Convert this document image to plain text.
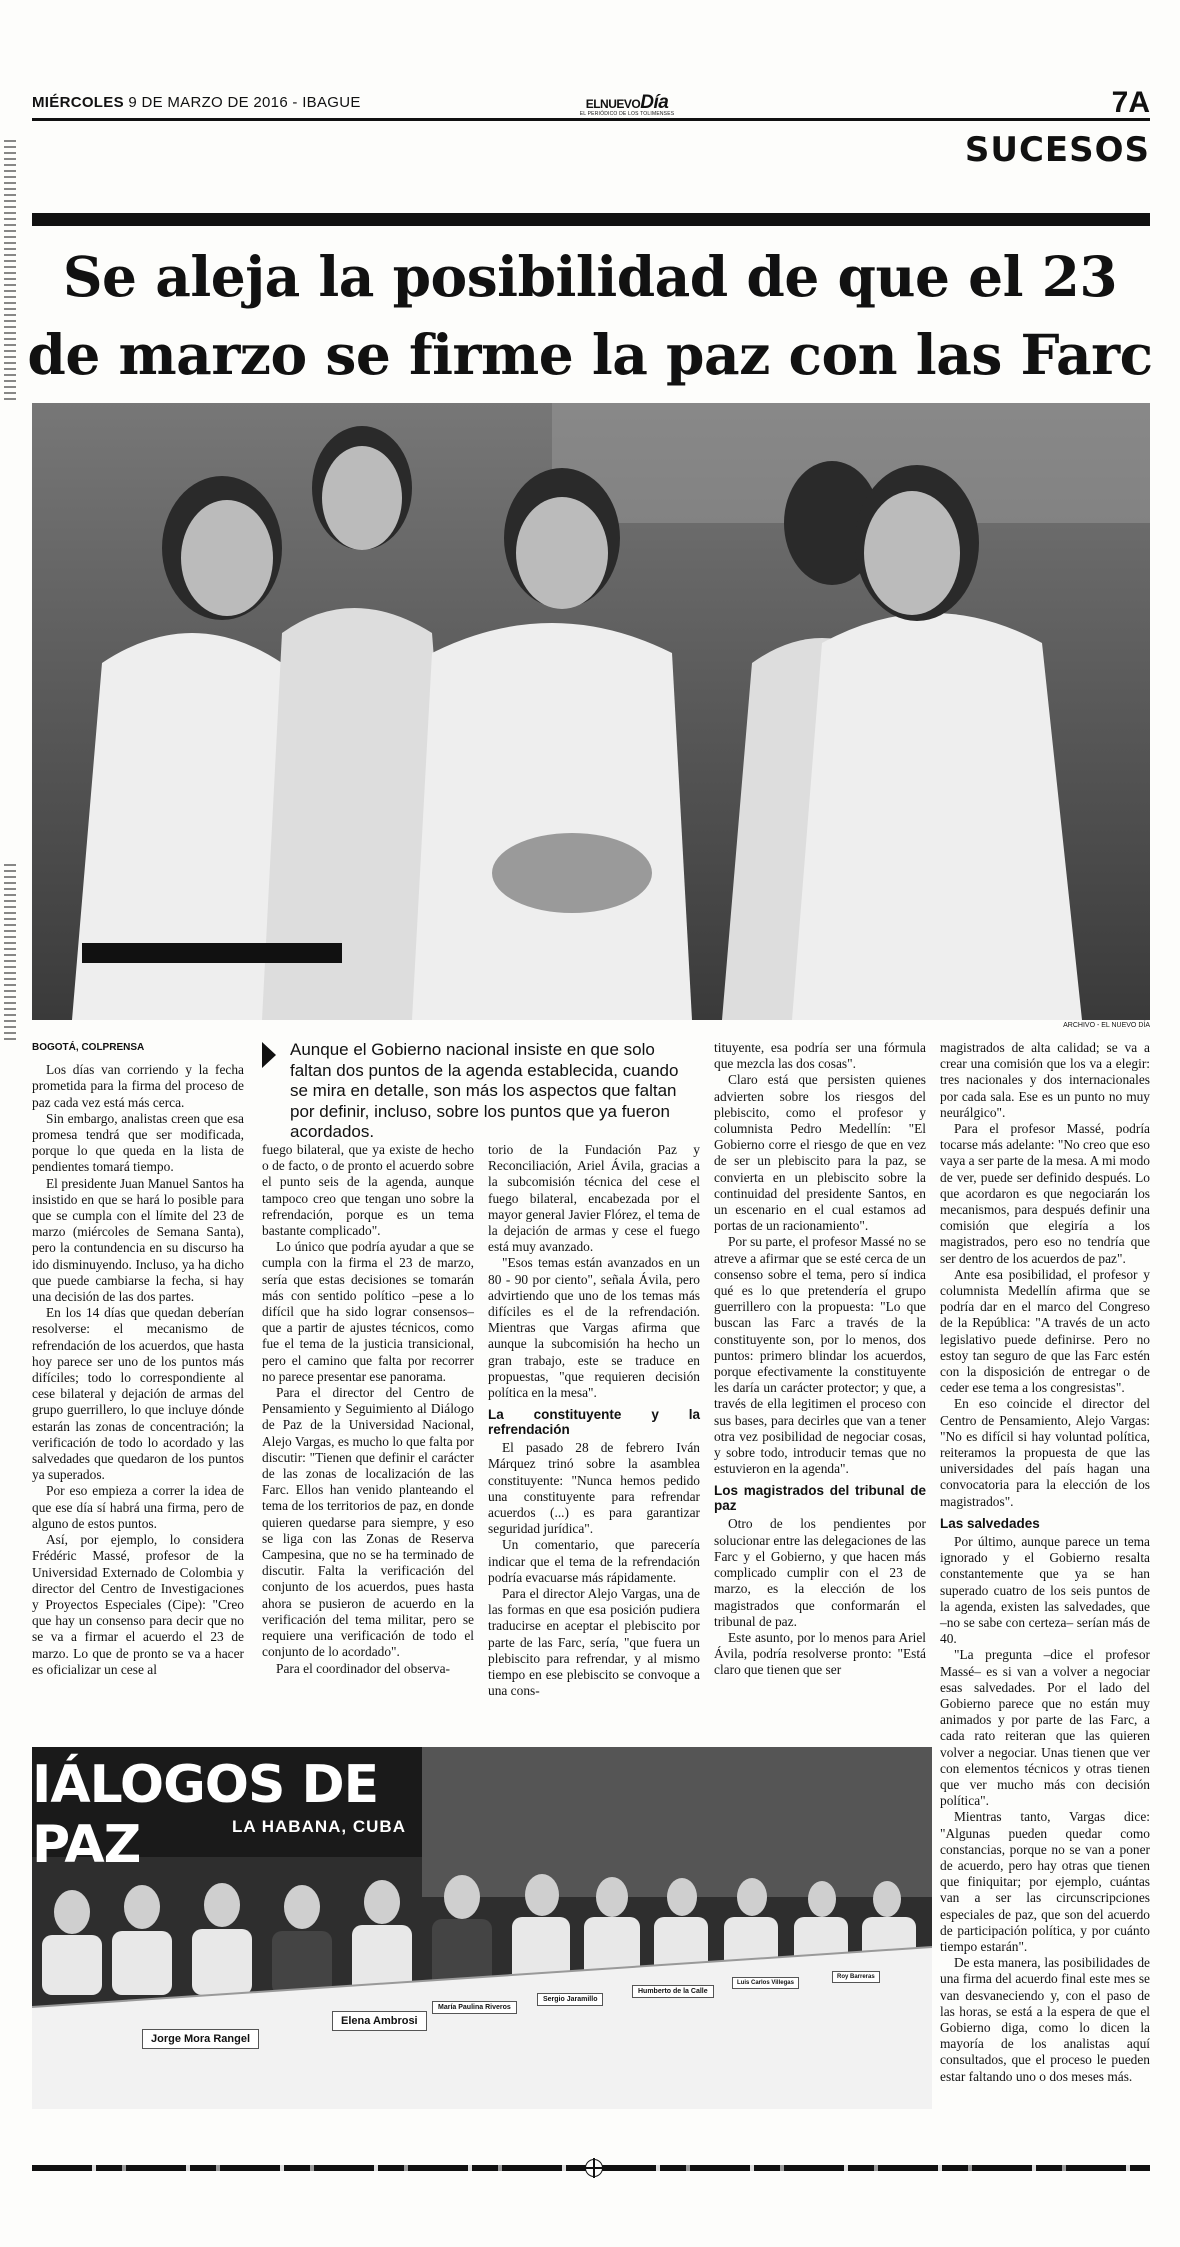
MIÉRCOLES 9 DE MARZO DE 2016 - IBAGUE	ELNUEVODía
EL PERIÓDICO DE LOS TOLIMENSES	7A
SUCESOS
Se aleja la posibilidad de que el 23 de marzo se firme la paz con las Farc
ARCHIVO - EL NUEVO DÍA
Aunque el Gobierno nacional insiste en que solo faltan dos puntos de la agenda establecida, cuando se mira en detalle, son más los aspectos que faltan por definir, incluso, sobre los puntos que ya fueron acordados.
BOGOTÁ, COLPRENSA

Los días van corriendo y la fecha prometida para la firma del proceso de paz cada vez está más cerca.

Sin embargo, analistas creen que esa promesa tendrá que ser modificada, porque lo que queda en la lista de pendientes tomará tiempo.

El presidente Juan Manuel Santos ha insistido en que se hará lo posible para que se cumpla con el límite del 23 de marzo (miércoles de Semana Santa), pero la contundencia en su discurso ha ido disminuyendo. Incluso, ya ha dicho que puede cambiarse la fecha, si hay una decisión de las dos partes.

En los 14 días que quedan deberían resolverse: el mecanismo de refrendación de los acuerdos, que hasta hoy parece ser uno de los puntos más difíciles; todo lo correspondiente al cese bilateral y dejación de armas del grupo guerrillero, lo que incluye dónde estarán las zonas de concentración; la verificación de todo lo acordado y las salvedades que quedaron de los puntos ya superados.

Por eso empieza a correr la idea de que ese día sí habrá una firma, pero de alguno de estos puntos.

Así, por ejemplo, lo considera Frédéric Massé, profesor de la Universidad Externado de Colombia y director del Centro de Investigaciones y Proyectos Especiales (Cipe): "Creo que hay un consenso para decir que no se va a firmar el acuerdo el 23 de marzo. Lo que de pronto se va a hacer es oficializar un cese al

fuego bilateral, que ya existe de hecho o de facto, o de pronto el acuerdo sobre el punto seis de la agenda, aunque tampoco creo que tengan uno sobre la refrendación, porque es un tema bastante complicado".

Lo único que podría ayudar a que se cumpla con la firma el 23 de marzo, sería que estas decisiones se tomarán más con sentido político –pese a lo difícil que ha sido lograr consensos– que a partir de ajustes técnicos, como fue el tema de la justicia transicional, pero el camino que falta por recorrer no parece presentar ese panorama.

Para el director del Centro de Pensamiento y Seguimiento al Diálogo de Paz de la Universidad Nacional, Alejo Vargas, es mucho lo que falta por discutir: "Tienen que definir el carácter de las zonas de localización de las Farc. Ellos han venido planteando el tema de los territorios de paz, en donde quieren quedarse para siempre, y eso se liga con las Zonas de Reserva Campesina, que no se ha terminado de discutir. Falta la verificación del conjunto de los acuerdos, pues hasta ahora se pusieron de acuerdo en la verificación del tema militar, pero se requiere una verificación de todo el conjunto de lo acordado".

Para el coordinador del observa-

torio de la Fundación Paz y Reconciliación, Ariel Ávila, gracias a la subcomisión técnica del cese el fuego bilateral, encabezada por el mayor general Javier Flórez, el tema de la dejación de armas y cese el fuego está muy avanzado.

"Esos temas están avanzados en un 80 - 90 por ciento", señala Ávila, pero advirtiendo que uno de los temas más difíciles es el de la refrendación. Mientras que Vargas afirma que aunque la subcomisión ha hecho un gran trabajo, este se traduce en propuestas, "que requieren decisión política en la mesa".

La constituyente y la refrendación

El pasado 28 de febrero Iván Márquez trinó sobre la asamblea constituyente: "Nunca hemos pedido una constituyente para refrendar acuerdos (...) es para garantizar seguridad jurídica".

Un comentario, que parecería indicar que el tema de la refrendación podría evacuarse más rápidamente.

Para el director Alejo Vargas, una de las formas en que esa posición pudiera traducirse en aceptar el plebiscito por parte de las Farc, sería, "que fuera un plebiscito para refrendar, y al mismo tiempo en ese plebiscito se convoque a una cons-

tituyente, esa podría ser una fórmula que mezcla las dos cosas".

Claro está que persisten quienes advierten sobre los riesgos del plebiscito, como el profesor y columnista Pedro Medellín: "El Gobierno corre el riesgo de que en vez de ser un plebiscito para la paz, se convierta en un plebiscito sobre la continuidad del presidente Santos, en un escenario en el cual estamos ad portas de un racionamiento".

Por su parte, el profesor Massé no se atreve a afirmar que se esté cerca de un consenso sobre el tema, pero sí indica qué es lo que pretendería el grupo guerrillero con la propuesta: "Lo que buscan las Farc a través de la constituyente son, por lo menos, dos puntos: primero blindar los acuerdos, porque efectivamente la constituyente les daría un carácter protector; y que, a través de ella legitimen el proceso con sus bases, para decirles que van a tener otra vez posibilidad de negociar cosas, y sobre todo, introducir temas que no estuvieron en la agenda".

Los magistrados del tribunal de paz

Otro de los pendientes por solucionar entre las delegaciones de las Farc y el Gobierno, y que hacen más complicado cumplir con el 23 de marzo, es la elección de los magistrados que conformarán el tribunal de paz.

Este asunto, por lo menos para Ariel Ávila, podría resolverse pronto: "Está claro que tienen que ser

magistrados de alta calidad; se va a crear una comisión que los va a elegir: tres nacionales y dos internacionales por cada sala. Ese es un punto no muy neurálgico".

Para el profesor Massé, podría tocarse más adelante: "No creo que eso vaya a ser parte de la mesa. A mi modo de ver, puede ser definido después. Lo que acordaron es que negociarán los mecanismos, para después definir una comisión que elegiría a los magistrados, pero eso no tendría que ser dentro de los acuerdos de paz".

Ante esa posibilidad, el profesor y columnista Medellín afirma que se podría dar en el marco del Congreso de la República: "A través de un acto legislativo puede definirse. Pero no estoy tan seguro de que las Farc estén con la disposición de entregar o de ceder ese tema a los congresistas".

En eso coincide el director del Centro de Pensamiento, Alejo Vargas: "No es difícil si hay voluntad política, reiteramos la propuesta de que las universidades del país hagan una convocatoria para la elección de los magistrados".

Las salvedades

Por último, aunque parece un tema ignorado y el Gobierno resalta constantemente que ya se han superado cuatro de los seis puntos de la agenda, existen las salvedades, que –no se sabe con certeza– serían más de 40.

"La pregunta –dice el profesor Massé– es si van a volver a negociar esas salvedades. Por el lado del Gobierno parece que no están muy animados y por parte de las Farc, a cada rato reiteran que las quieren volver a negociar. Unas tienen que ver con elementos técnicos y otras tienen que ver mucho más con decisión política".

Mientras tanto, Vargas dice: "Algunas pueden quedar como constancias, porque no se van a poner de acuerdo, pero hay otras que tienen que finiquitar; por ejemplo, cuántas van a ser las circunscripciones especiales de paz, que son del acuerdo de participación política, y por cuánto tiempo estarán".

De esta manera, las posibilidades de una firma del acuerdo final este mes se van desvaneciendo y, con el paso de las horas, se está a la espera de que el Gobierno diga, como lo dicen la mayoría de los analistas aquí consultados, que el proceso le pueden estar faltando uno o dos meses más.

IÁLOGOS DE PAZ	LA HABANA, CUBA
Jorge Mora Rangel
Elena Ambrosi
María Paulina Riveros
Sergio Jaramillo
Humberto de la Calle
Luis Carlos Villegas
Roy Barreras
